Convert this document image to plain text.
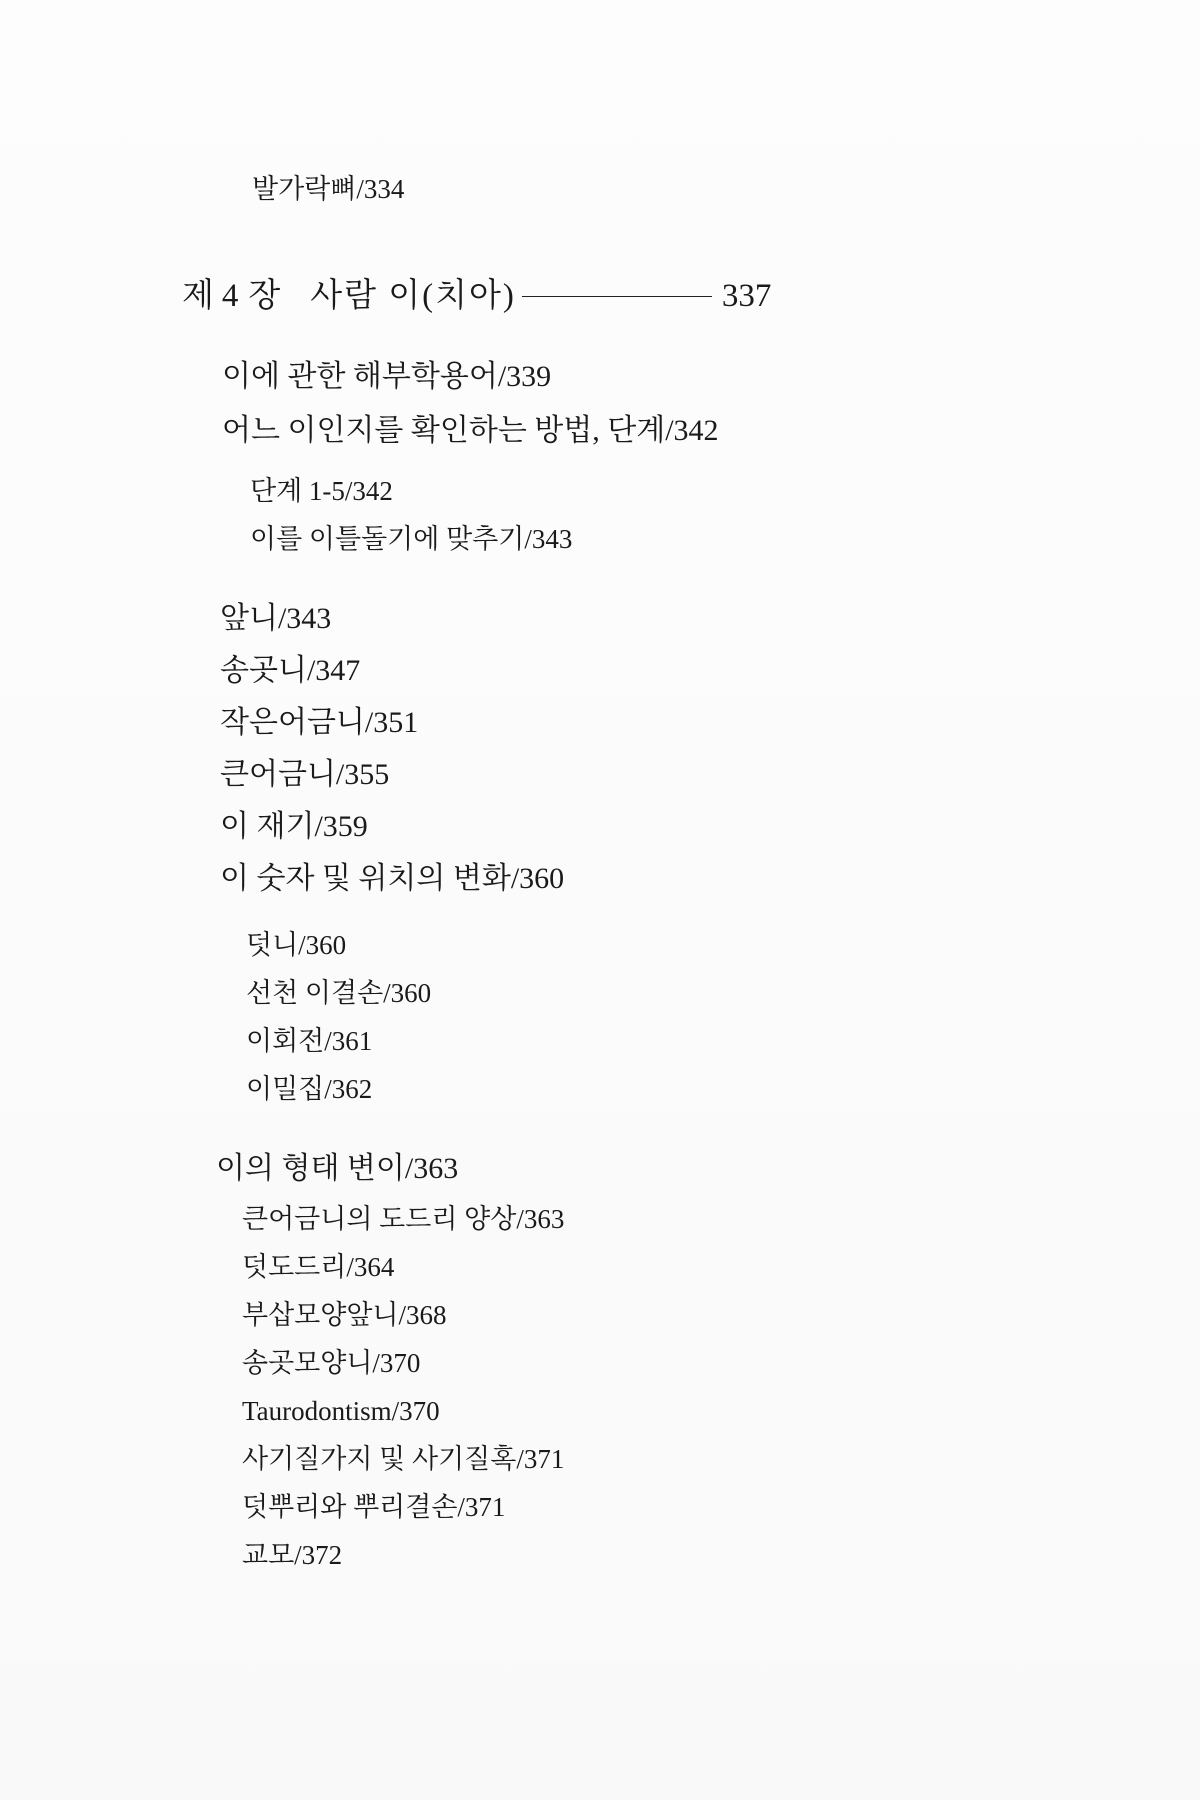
발가락뼈/334
제 4 장 사람 이(치아)	337
이에 관한 해부학용어/339
어느 이인지를 확인하는 방법, 단계/342
단계 1-5/342
이를 이틀돌기에 맞추기/343
앞니/343
송곳니/347
작은어금니/351
큰어금니/355
이 재기/359
이 숫자 및 위치의 변화/360
덧니/360
선천 이결손/360
이회전/361
이밀집/362
이의 형태 변이/363
큰어금니의 도드리 양상/363
덧도드리/364
부삽모양앞니/368
송곳모양니/370
Taurodontism/370
사기질가지 및 사기질혹/371
덧뿌리와 뿌리결손/371
교모/372
